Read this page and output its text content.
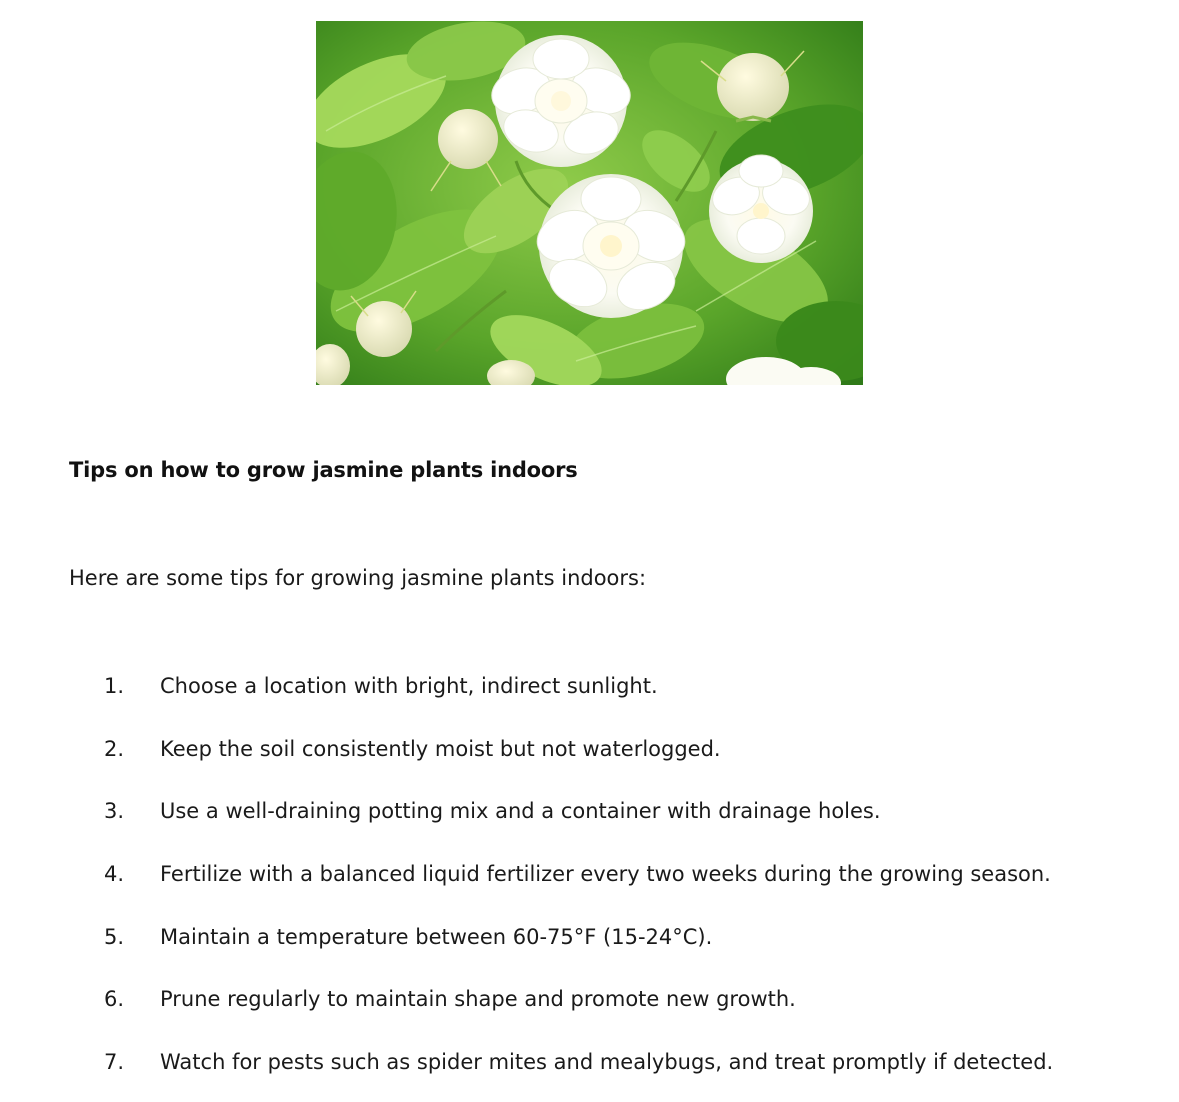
Tips on how to grow jasmine plants indoors
Here are some tips for growing jasmine plants indoors:
1. Choose a location with bright, indirect sunlight.
2. Keep the soil consistently moist but not waterlogged.
3. Use a well-draining potting mix and a container with drainage holes.
4. Fertilize with a balanced liquid fertilizer every two weeks during the growing season.
5. Maintain a temperature between 60-75°F (15-24°C).
6. Prune regularly to maintain shape and promote new growth.
7. Watch for pests such as spider mites and mealybugs, and treat promptly if detected.
